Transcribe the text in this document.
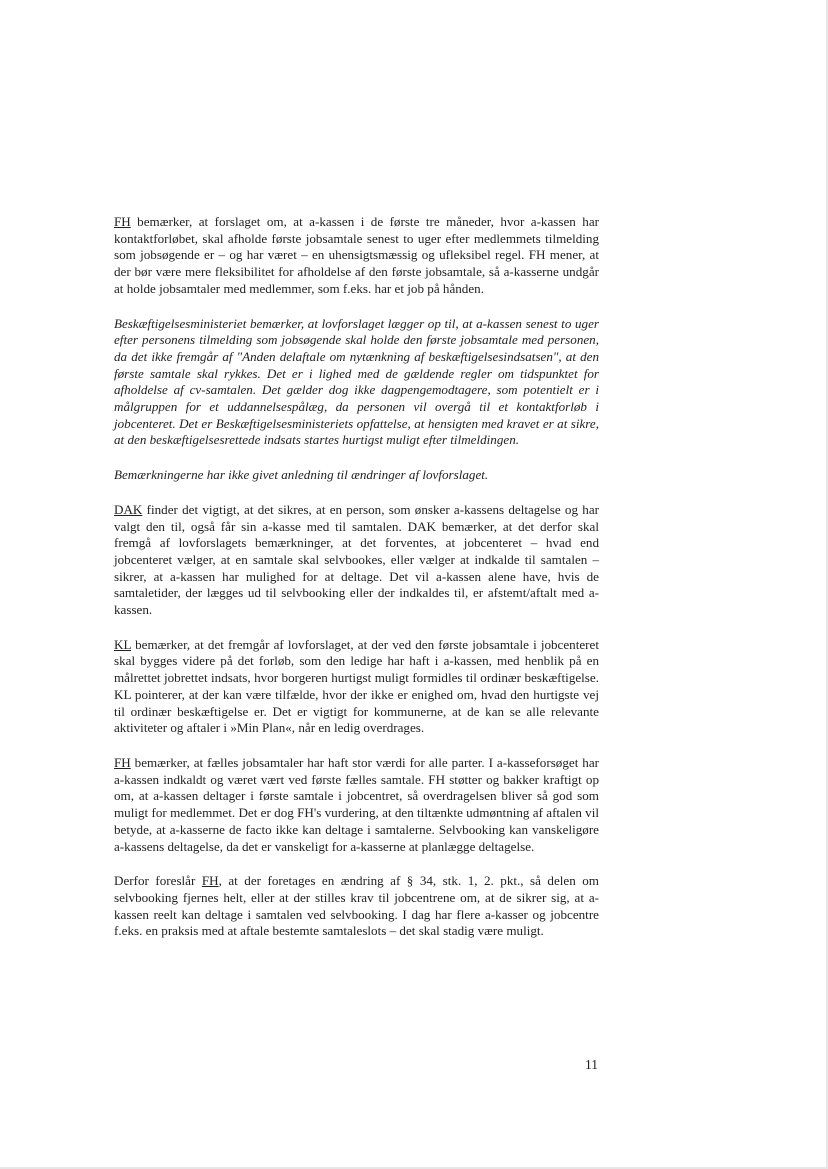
FH bemærker, at forslaget om, at a-kassen i de første tre måneder, hvor a-kassen har kontaktforløbet, skal afholde første jobsamtale senest to uger efter medlemmets tilmelding som jobsøgende er – og har været – en uhensigtsmæssig og ufleksibel regel. FH mener, at der bør være mere fleksibilitet for afholdelse af den første jobsamtale, så a-kasserne undgår at holde jobsamtaler med medlemmer, som f.eks. har et job på hånden.

Beskæftigelsesministeriet bemærker, at lovforslaget lægger op til, at a-kassen senest to uger efter personens tilmelding som jobsøgende skal holde den første jobsamtale med personen, da det ikke fremgår af "Anden delaftale om nytænkning af beskæftigelsesindsatsen", at den første samtale skal rykkes. Det er i lighed med de gældende regler om tidspunktet for afholdelse af cv-samtalen. Det gælder dog ikke dagpengemodtagere, som potentielt er i målgruppen for et uddannelsespålæg, da personen vil overgå til et kontaktforløb i jobcenteret. Det er Beskæftigelsesministeriets opfattelse, at hensigten med kravet er at sikre, at den beskæftigelsesrettede indsats startes hurtigst muligt efter tilmeldingen.

Bemærkningerne har ikke givet anledning til ændringer af lovforslaget.

DAK finder det vigtigt, at det sikres, at en person, som ønsker a-kassens deltagelse og har valgt den til, også får sin a-kasse med til samtalen. DAK bemærker, at det derfor skal fremgå af lovforslagets bemærkninger, at det forventes, at jobcenteret – hvad end jobcenteret vælger, at en samtale skal selvbookes, eller vælger at indkalde til samtalen – sikrer, at a-kassen har mulighed for at deltage. Det vil a-kassen alene have, hvis de samtaletider, der lægges ud til selvbooking eller der indkaldes til, er afstemt/aftalt med a-kassen.

KL bemærker, at det fremgår af lovforslaget, at der ved den første jobsamtale i jobcenteret skal bygges videre på det forløb, som den ledige har haft i a-kassen, med henblik på en målrettet jobrettet indsats, hvor borgeren hurtigst muligt formidles til ordinær beskæftigelse. KL pointerer, at der kan være tilfælde, hvor der ikke er enighed om, hvad den hurtigste vej til ordinær beskæftigelse er. Det er vigtigt for kommunerne, at de kan se alle relevante aktiviteter og aftaler i »Min Plan«, når en ledig overdrages.

FH bemærker, at fælles jobsamtaler har haft stor værdi for alle parter. I a-kasseforsøget har a-kassen indkaldt og været vært ved første fælles samtale. FH støtter og bakker kraftigt op om, at a-kassen deltager i første samtale i jobcentret, så overdragelsen bliver så god som muligt for medlemmet. Det er dog FH's vurdering, at den tiltænkte udmøntning af aftalen vil betyde, at a-kasserne de facto ikke kan deltage i samtalerne. Selvbooking kan vanskeligøre a-kassens deltagelse, da det er vanskeligt for a-kasserne at planlægge deltagelse.

Derfor foreslår FH, at der foretages en ændring af § 34, stk. 1, 2. pkt., så delen om selvbooking fjernes helt, eller at der stilles krav til jobcentrene om, at de sikrer sig, at a-kassen reelt kan deltage i samtalen ved selvbooking. I dag har flere a-kasser og jobcentre f.eks. en praksis med at aftale bestemte samtaleslots – det skal stadig være muligt.

11
